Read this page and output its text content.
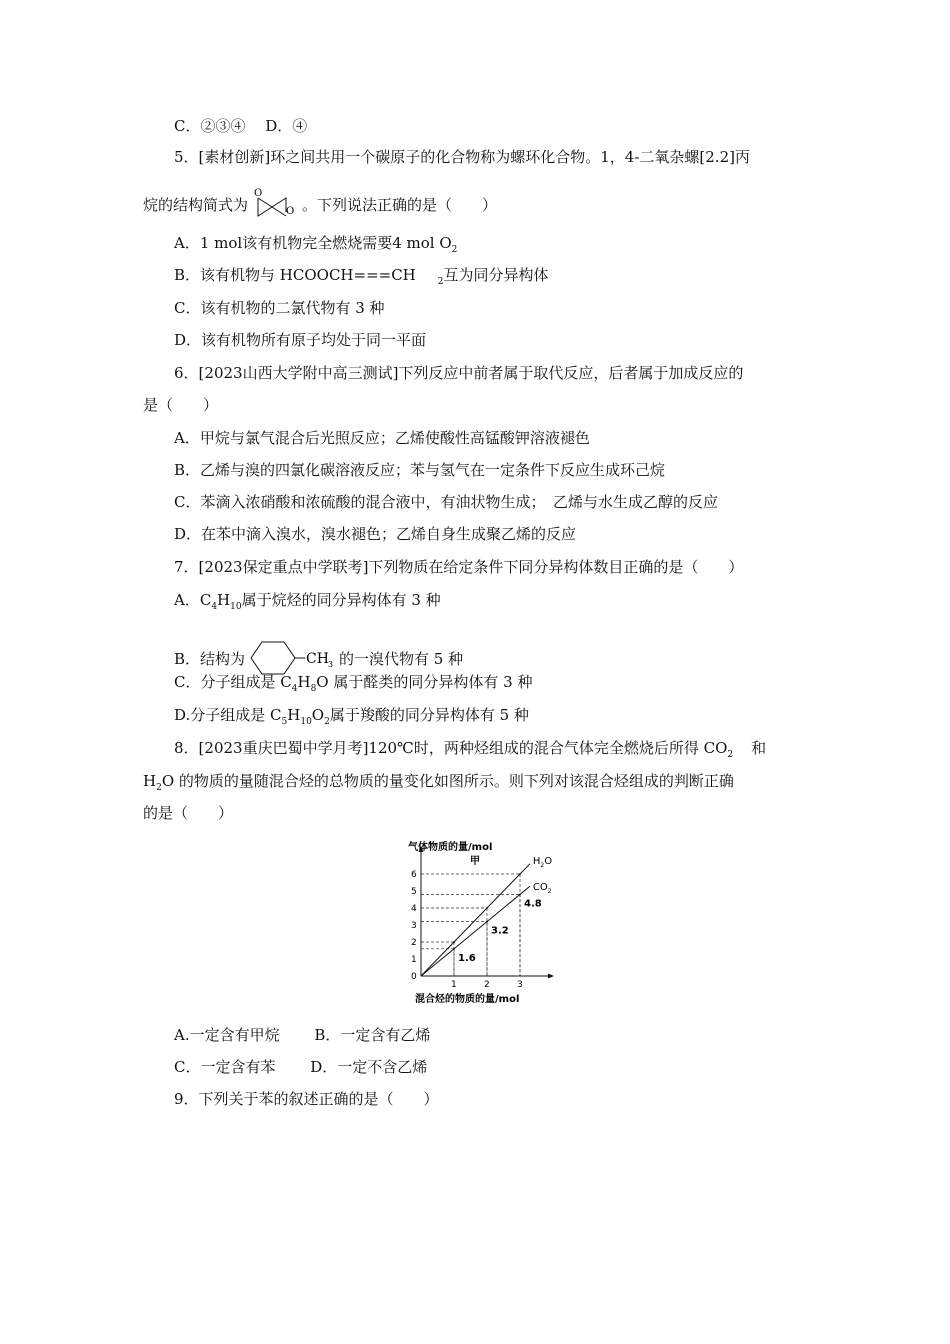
C．②③④　 D．④
5．[素材创新]环之间共用一个碳原子的化合物称为螺环化合物。1，4-二氧杂螺[2.2]丙
烷的结构简式为
O
O 。下列说法正确的是（　　）
A．1 mol该有机物完全燃烧需要4 mol $O_2$
B．该有机物与 HCOOCH===CH $_2$互为同分异构体
C．该有机物的二氯代物有 3 种
D．该有机物所有原子均处于同一平面
6．[2023山西大学附中高三测试]下列反应中前者属于取代反应，后者属于加成反应的
是（　　）
A．甲烷与氯气混合后光照反应；乙烯使酸性高锰酸钾溶液褪色
B．乙烯与溴的四氯化碳溶液反应；苯与氢气在一定条件下反应生成环己烷
C．苯滴入浓硝酸和浓硫酸的混合液中，有油状物生成；　乙烯与水生成乙醇的反应
D．在苯中滴入溴水，溴水褪色；乙烯自身生成聚乙烯的反应
7．[2023保定重点中学联考]下列物质在给定条件下同分异构体数目正确的是（　　）
A．$C_4H_{10}$属于烷烃的同分异构体有 3 种
B．结构为	CH 3 的一溴代物有 5 种
C．分子组成是 $C_4H_8O$ 属于醛类的同分异构体有 3 种
D.分子组成是 $C_5H_{10}O_2$属于羧酸的同分异构体有 5 种
8．[2023重庆巴蜀中学月考]120℃时，两种烃组成的混合气体完全燃烧后所得 $CO_2$ 和
$H_2O$ 的物质的量随混合烃的总物质的量变化如图所示。则下列对该混合烃组成的判断正确
的是（　　）
$H_2O$
$CO_2$
1.6
3.2
4.8
1	2	3
0
1
2
3
4
5
6
气体物质的量/mol
甲
混合烃的物质的量/mol
A.一定含有甲烷　　 B．一定含有乙烯
C．一定含有苯　　 D．一定不含乙烯
9．下列关于苯的叙述正确的是（　　）
